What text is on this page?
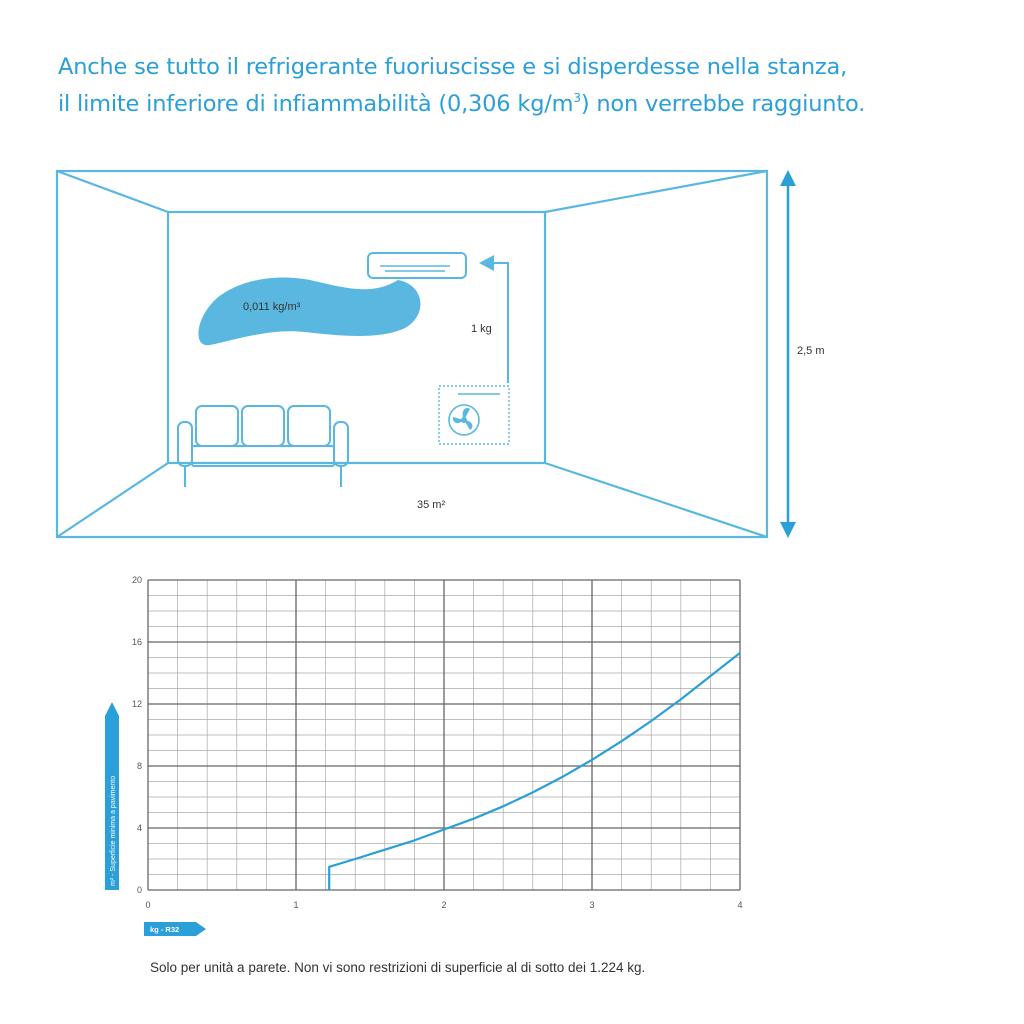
Anche se tutto il refrigerante fuoriuscisse e si disperdesse nella stanza,
il limite inferiore di infiammabilità (0,306 $kg/m^3$) non verrebbe raggiunto.
0,011 kg/m³
1 kg
35 m²
2,5 m
0	1	2	3	4
0
4
8
12
16
20
m² - Superficie minima a pavimento
kg - R32
Solo per unità a parete. Non vi sono restrizioni di superficie al di sotto dei 1.224 kg.
